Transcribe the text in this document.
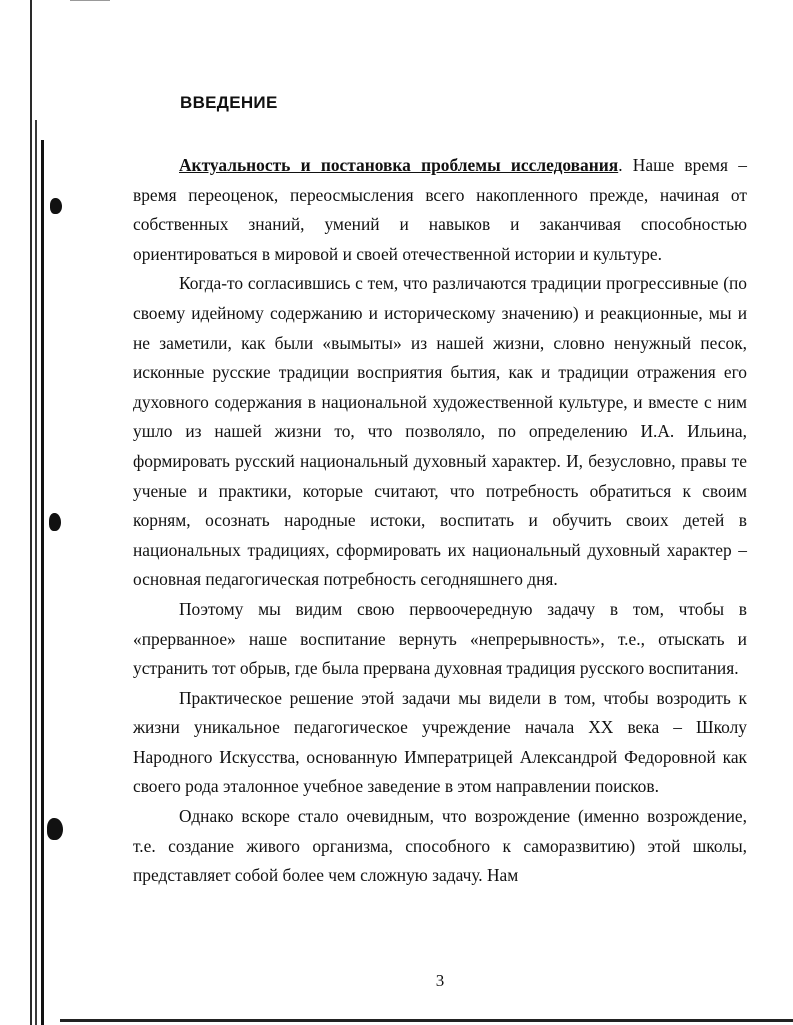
ВВЕДЕНИЕ

Актуальность и постановка проблемы исследования. Наше время – время переоценок, переосмысления всего накопленного прежде, начиная от собственных знаний, умений и навыков и заканчивая способностью ориентироваться в мировой и своей отечественной истории и культуре.

Когда-то согласившись с тем, что различаются традиции прогрессивные (по своему идейному содержанию и историческому значению) и реакционные, мы и не заметили, как были «вымыты» из нашей жизни, словно ненужный песок, исконные русские традиции восприятия бытия, как и традиции отражения его духовного содержания в национальной художественной культуре, и вместе с ним ушло из нашей жизни то, что позволяло, по определению И.А. Ильина, формировать русский национальный духовный характер. И, безусловно, правы те ученые и практики, которые считают, что потребность обратиться к своим корням, осознать народные истоки, воспитать и обучить своих детей в национальных традициях, сформировать их национальный духовный характер – основная педагогическая потребность сегодняшнего дня.

Поэтому мы видим свою первоочередную задачу в том, чтобы в «прерванное» наше воспитание вернуть «непрерывность», т.е., отыскать и устранить тот обрыв, где была прервана духовная традиция русского воспитания.

Практическое решение этой задачи мы видели в том, чтобы возродить к жизни уникальное педагогическое учреждение начала XX века – Школу Народного Искусства, основанную Императрицей Александрой Федоровной как своего рода эталонное учебное заведение в этом направлении поисков.

Однако вскоре стало очевидным, что возрождение (именно возрождение, т.е. создание живого организма, способного к саморазвитию) этой школы, представляет собой более чем сложную задачу. Нам

3
